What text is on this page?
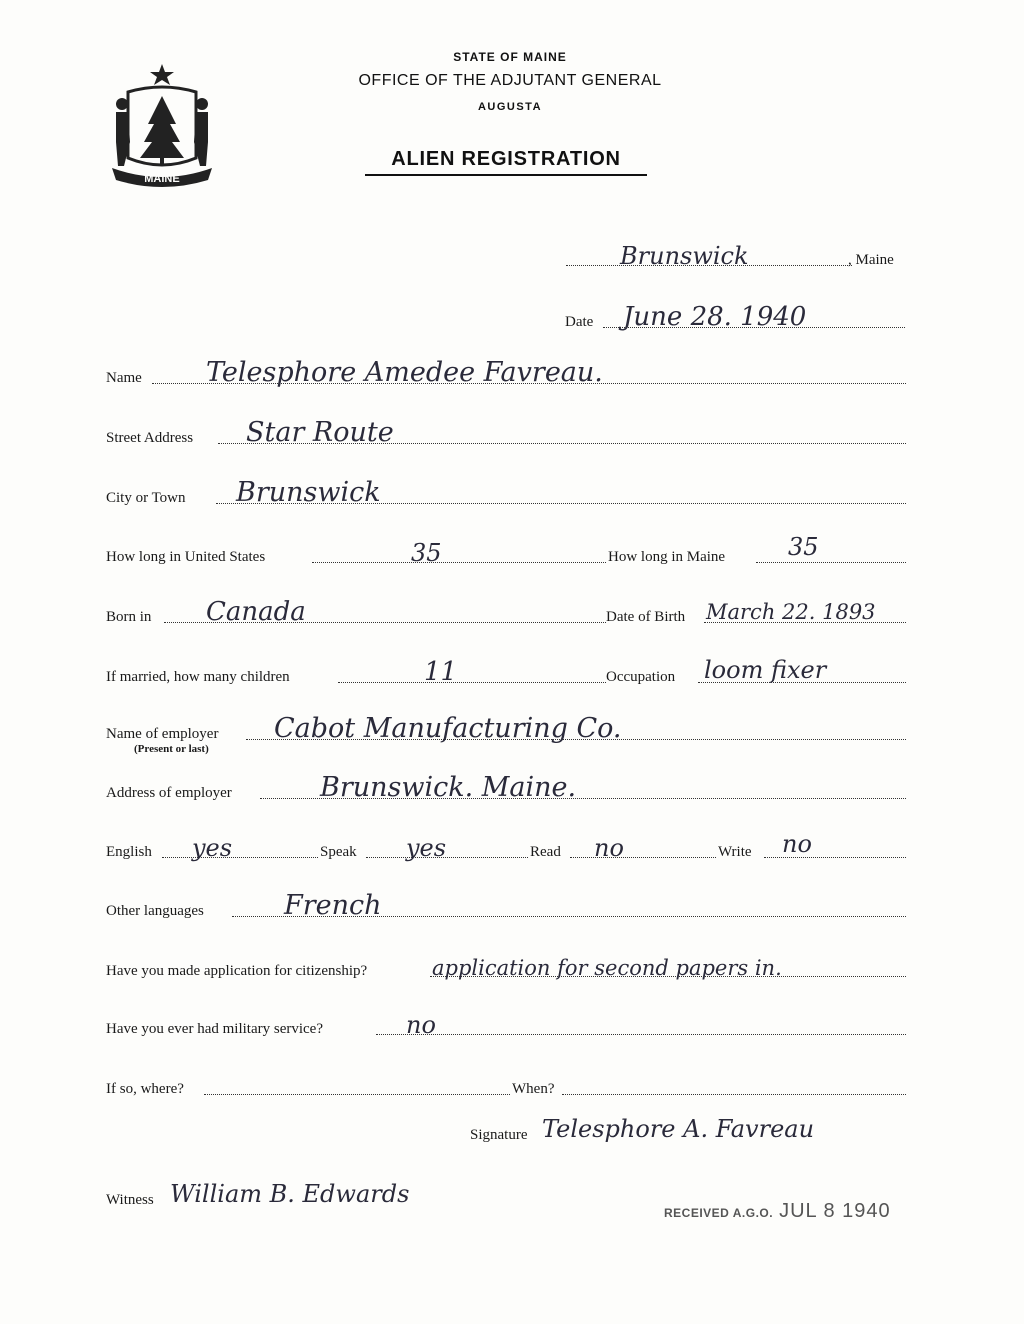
MAINE
STATE OF MAINE
OFFICE OF THE ADJUTANT GENERAL
AUGUSTA
ALIEN REGISTRATION
Brunswick	, Maine
Date June 28. 1940
Name Telesphore Amedee Favreau.
Street Address Star Route
City or Town Brunswick
How long in United States	35	How long in Maine	35
Born in Canada	Date of Birth March 22. 1893
If married, how many children	11	Occupation loom fixer
Name of employer Cabot Manufacturing Co.
(Present or last)
Address of employer	Brunswick. Maine.
English yes	Speak yes	Read no	Write no
Other languages	French
Have you made application for citizenship?	application for second papers in.
Have you ever had military service?	no
If so, where?	When?
Signature Telesphore A. Favreau
Witness William B. Edwards
RECEIVED A.G.O. JUL 8 1940
